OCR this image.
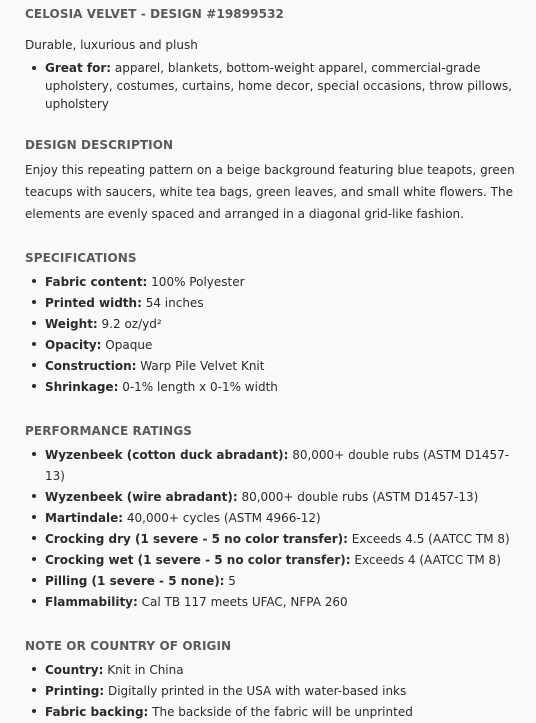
CELOSIA VELVET - DESIGN #19899532

Durable, luxurious and plush

Great for: apparel, blankets, bottom-weight apparel, commercial-grade upholstery, costumes, curtains, home decor, special occasions, throw pillows, upholstery
DESIGN DESCRIPTION

Enjoy this repeating pattern on a beige background featuring blue teapots, green teacups with saucers, white tea bags, green leaves, and small white flowers. The elements are evenly spaced and arranged in a diagonal grid-like fashion.

SPECIFICATIONS
Fabric content: 100% Polyester
Printed width: 54 inches
Weight: 9.2 oz/yd²
Opacity: Opaque
Construction: Warp Pile Velvet Knit
Shrinkage: 0-1% length x 0-1% width
PERFORMANCE RATINGS
Wyzenbeek (cotton duck abradant): 80,000+ double rubs (ASTM D1457-13)
Wyzenbeek (wire abradant): 80,000+ double rubs (ASTM D1457-13)
Martindale: 40,000+ cycles (ASTM 4966-12)
Crocking dry (1 severe - 5 no color transfer): Exceeds 4.5 (AATCC TM 8)
Crocking wet (1 severe - 5 no color transfer): Exceeds 4 (AATCC TM 8)
Pilling (1 severe - 5 none): 5
Flammability: Cal TB 117 meets UFAC, NFPA 260
NOTE OR COUNTRY OF ORIGIN
Country: Knit in China
Printing: Digitally printed in the USA with water-based inks
Fabric backing: The backside of the fabric will be unprinted
